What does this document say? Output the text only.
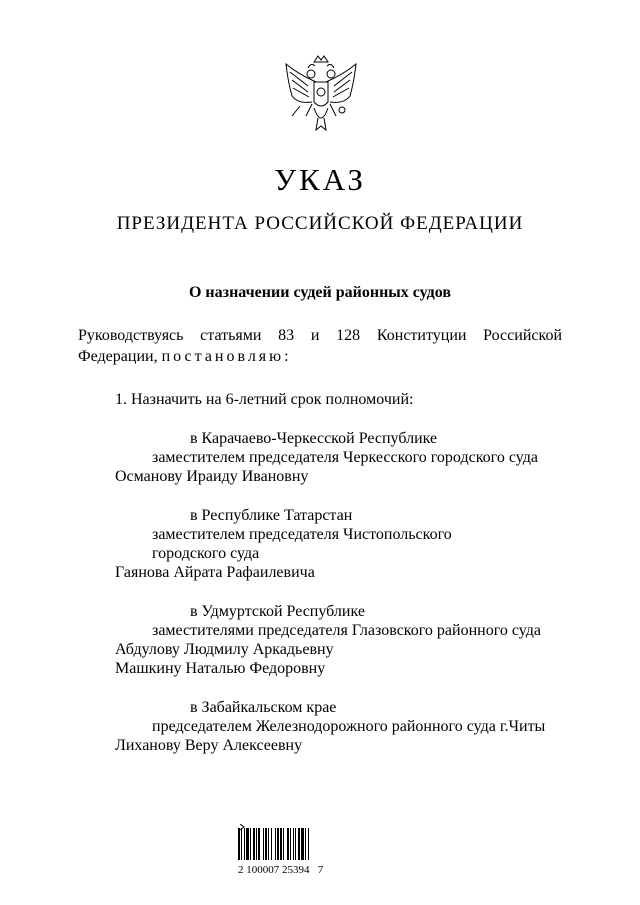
УКАЗ
ПРЕЗИДЕНТА РОССИЙСКОЙ ФЕДЕРАЦИИ
О назначении судей районных судов
Руководствуясь статьями 83 и 128 Конституции Российской
Федерации, постановляю:
1. Назначить на 6-летний срок полномочий:
в Карачаево-Черкесской Республике
заместителем председателя Черкесского городского суда
Османову Ираиду Ивановну
в Республике Татарстан
заместителем председателя Чистопольского
городского суда
Гаянова Айрата Рафаилевича
в Удмуртской Республике
заместителями председателя Глазовского районного суда
Абдулову Людмилу Аркадьевну
Машкину Наталью Федоровну
в Забайкальском крае
председателем Железнодорожного районного суда г.Читы
Лиханову Веру Алексеевну
2 100007 25394   7
